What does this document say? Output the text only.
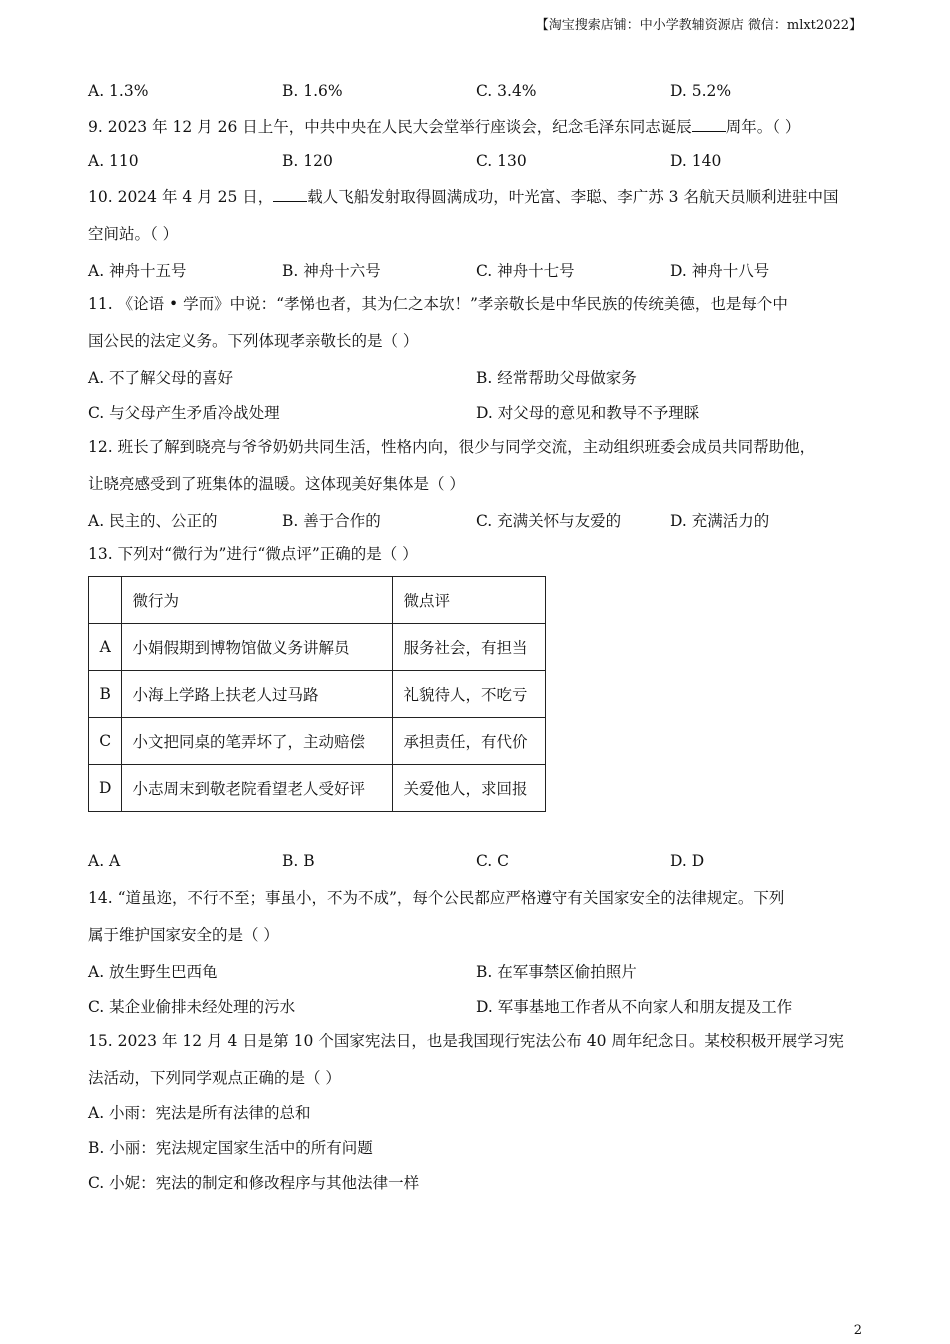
【淘宝搜索店铺：中小学教辅资源店 微信：mlxt2022】
A. 1.3%	B. 1.6%	C. 3.4%	D. 5.2%
9. 2023 年 12 月 26 日上午，中共中央在人民大会堂举行座谈会，纪念毛泽东同志诞辰 周年。（ ）
A. 110	B. 120	C. 130	D. 140
10. 2024 年 4 月 25 日， 载人飞船发射取得圆满成功，叶光富、李聪、李广苏 3 名航天员顺利进驻中国
空间站。（ ）
A. 神舟十五号	B. 神舟十六号	C. 神舟十七号	D. 神舟十八号
11. 《论语 • 学而》中说：“孝悌也者，其为仁之本欤！”孝亲敬长是中华民族的传统美德，也是每个中
国公民的法定义务。下列体现孝亲敬长的是（ ）
A. 不了解父母的喜好	B. 经常帮助父母做家务
C. 与父母产生矛盾冷战处理	D. 对父母的意见和教导不予理睬
12. 班长了解到晓亮与爷爷奶奶共同生活，性格内向，很少与同学交流，主动组织班委会成员共同帮助他，
让晓亮感受到了班集体的温暖。这体现美好集体是（ ）
A. 民主的、公正的	B. 善于合作的	C. 充满关怀与友爱的	D. 充满活力的
13. 下列对“微行为”进行“微点评”正确的是（ ）
	微行为	微点评
A	小娟假期到博物馆做义务讲解员	服务社会，有担当
B	小海上学路上扶老人过马路	礼貌待人，不吃亏
C	小文把同桌的笔弄坏了，主动赔偿	承担责任，有代价
D	小志周末到敬老院看望老人受好评	关爱他人，求回报
A. A	B. B	C. C	D. D
14. “道虽迩，不行不至；事虽小，不为不成”，每个公民都应严格遵守有关国家安全的法律规定。下列
属于维护国家安全的是（ ）
A. 放生野生巴西龟	B. 在军事禁区偷拍照片
C. 某企业偷排未经处理的污水	D. 军事基地工作者从不向家人和朋友提及工作
15. 2023 年 12 月 4 日是第 10 个国家宪法日，也是我国现行宪法公布 40 周年纪念日。某校积极开展学习宪
法活动，下列同学观点正确的是（ ）
A. 小雨：宪法是所有法律的总和
B. 小丽：宪法规定国家生活中的所有问题
C. 小妮：宪法的制定和修改程序与其他法律一样
2
